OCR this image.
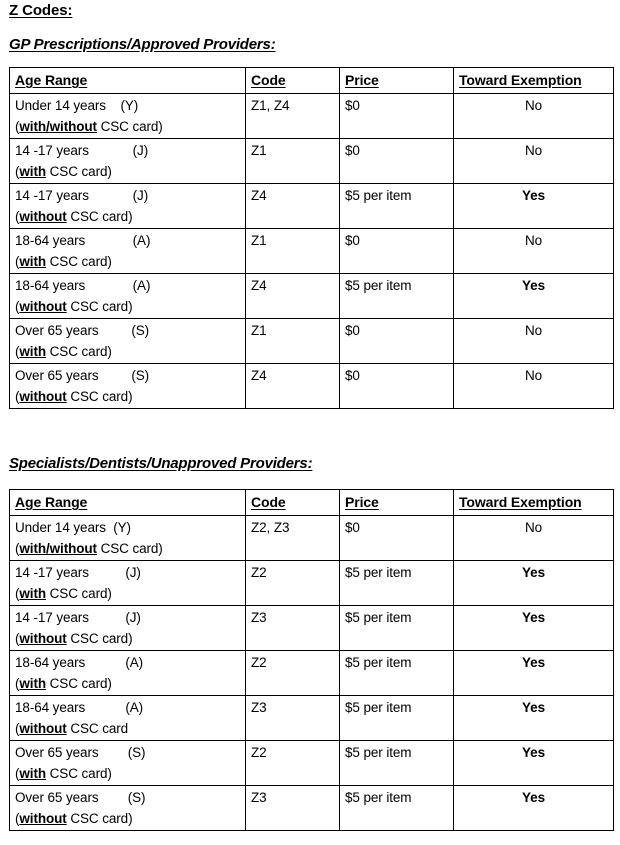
Z Codes:
GP Prescriptions/Approved Providers:
Age Range	Code	Price	Toward Exemption

Under 14 years    (Y)
(with/without CSC card)	Z1, Z4	$0	No

14 -17 years            (J)
(with CSC card)	Z1	$0	No

14 -17 years            (J)
(without CSC card)	Z4	$5 per item	Yes

18-64 years             (A)
(with CSC card)	Z1	$0	No

18-64 years             (A)
(without CSC card)	Z4	$5 per item	Yes

Over 65 years         (S)
(with CSC card)	Z1	$0	No

Over 65 years         (S)
(without CSC card)	Z4	$0	No
Specialists/Dentists/Unapproved Providers:
Age Range	Code	Price	Toward Exemption

Under 14 years  (Y)
(with/without CSC card)	Z2, Z3	$0	No

14 -17 years          (J)
(with CSC card)	Z2	$5 per item	Yes

14 -17 years          (J)
(without CSC card)	Z3	$5 per item	Yes

18-64 years           (A)
(with CSC card)	Z2	$5 per item	Yes

18-64 years           (A)
(without CSC card	Z3	$5 per item	Yes

Over 65 years        (S)
(with CSC card)	Z2	$5 per item	Yes

Over 65 years        (S)
(without CSC card)	Z3	$5 per item	Yes
